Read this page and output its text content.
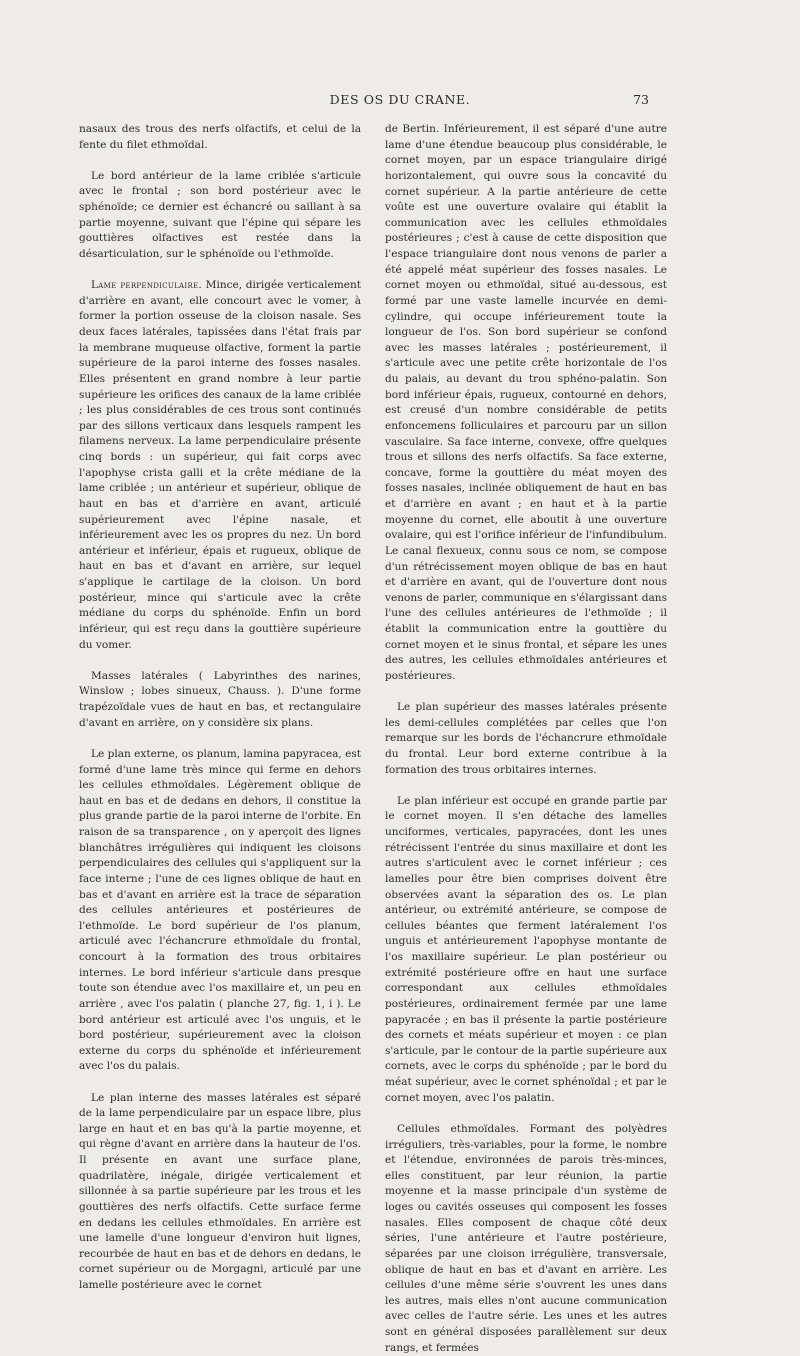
DES OS DU CRANE.	73

nasaux des trous des nerfs olfactifs, et celui de la fente du filet ethmoïdal.

Le bord antérieur de la lame criblée s'articule avec le frontal ; son bord postérieur avec le sphénoïde; ce dernier est échancré ou saillant à sa partie moyenne, suivant que l'épine qui sépare les gouttières olfactives est restée dans la désarticulation, sur le sphénoïde ou l'ethmoïde.

Lame perpendiculaire. Mince, dirigée verticalement d'arrière en avant, elle concourt avec le vomer, à former la portion osseuse de la cloison nasale. Ses deux faces latérales, tapissées dans l'état frais par la membrane muqueuse olfactive, forment la partie supérieure de la paroi interne des fosses nasales. Elles présentent en grand nombre à leur partie supérieure les orifices des canaux de la lame criblée ; les plus considérables de ces trous sont continués par des sillons verticaux dans lesquels rampent les filamens nerveux. La lame perpendiculaire présente cinq bords : un supérieur, qui fait corps avec l'apophyse crista galli et la crête médiane de la lame criblée ; un antérieur et supérieur, oblique de haut en bas et d'arrière en avant, articulé supérieurement avec l'épine nasale, et inférieurement avec les os propres du nez. Un bord antérieur et inférieur, épais et rugueux, oblique de haut en bas et d'avant en arrière, sur lequel s'applique le cartilage de la cloison. Un bord postérieur, mince qui s'articule avec la crête médiane du corps du sphénoïde. Enfin un bord inférieur, qui est reçu dans la gouttière supérieure du vomer.

Masses latérales ( Labyrinthes des narines, Winslow ; lobes sinueux, Chauss. ). D'une forme trapézoïdale vues de haut en bas, et rectangulaire d'avant en arrière, on y considère six plans.

Le plan externe, os planum, lamina papyracea, est formé d'une lame très mince qui ferme en dehors les cellules ethmoïdales. Légèrement oblique de haut en bas et de dedans en dehors, il constitue la plus grande partie de la paroi interne de l'orbite. En raison de sa transparence , on y aperçoit des lignes blanchâtres irrégulières qui indiquent les cloisons perpendiculaires des cellules qui s'appliquent sur la face interne ; l'une de ces lignes oblique de haut en bas et d'avant en arrière est la trace de séparation des cellules antérieures et postérieures de l'ethmoïde. Le bord supérieur de l'os planum, articulé avec l'échancrure ethmoïdale du frontal, concourt à la formation des trous orbitaires internes. Le bord inférieur s'articule dans presque toute son étendue avec l'os maxillaire et, un peu en arrière , avec l'os palatin ( planche 27, fig. 1, i ). Le bord antérieur est articulé avec l'os unguis, et le bord postérieur, supérieurement avec la cloison externe du corps du sphénoïde et inférieurement avec l'os du palais.

Le plan interne des masses latérales est séparé de la lame perpendiculaire par un espace libre, plus large en haut et en bas qu'à la partie moyenne, et qui règne d'avant en arrière dans la hauteur de l'os. Il présente en avant une surface plane, quadrilatère, inégale, dirigée verticalement et sillonnée à sa partie supérieure par les trous et les gouttières des nerfs olfactifs. Cette surface ferme en dedans les cellules ethmoïdales. En arrière est une lamelle d'une longueur d'environ huit lignes, recourbée de haut en bas et de dehors en dedans, le cornet supérieur ou de Morgagni, articulé par une lamelle postérieure avec le cornet

de Bertin. Inférieurement, il est séparé d'une autre lame d'une étendue beaucoup plus considérable, le cornet moyen, par un espace triangulaire dirigé horizontalement, qui ouvre sous la concavité du cornet supérieur. A la partie antérieure de cette voûte est une ouverture ovalaire qui établit la communication avec les cellules ethmoïdales postérieures ; c'est à cause de cette disposition que l'espace triangulaire dont nous venons de parler a été appelé méat supérieur des fosses nasales. Le cornet moyen ou ethmoïdal, situé au-dessous, est formé par une vaste lamelle incurvée en demi-cylindre, qui occupe inférieurement toute la longueur de l'os. Son bord supérieur se confond avec les masses latérales ; postérieurement, il s'articule avec une petite crête horizontale de l'os du palais, au devant du trou sphéno-palatin. Son bord inférieur épais, rugueux, contourné en dehors, est creusé d'un nombre considérable de petits enfoncemens folliculaires et parcouru par un sillon vasculaire. Sa face interne, convexe, offre quelques trous et sillons des nerfs olfactifs. Sa face externe, concave, forme la gouttière du méat moyen des fosses nasales, inclinée obliquement de haut en bas et d'arrière en avant ; en haut et à la partie moyenne du cornet, elle aboutit à une ouverture ovalaire, qui est l'orifice inférieur de l'infundibulum. Le canal flexueux, connu sous ce nom, se compose d'un rétrécissement moyen oblique de bas en haut et d'arrière en avant, qui de l'ouverture dont nous venons de parler, communique en s'élargissant dans l'une des cellules antérieures de l'ethmoïde ; il établit la communication entre la gouttière du cornet moyen et le sinus frontal, et sépare les unes des autres, les cellules ethmoïdales antérieures et postérieures.

Le plan supérieur des masses latérales présente les demi-cellules complétées par celles que l'on remarque sur les bords de l'échancrure ethmoïdale du frontal. Leur bord externe contribue à la formation des trous orbitaires internes.

Le plan inférieur est occupé en grande partie par le cornet moyen. Il s'en détache des lamelles unciformes, verticales, papyracées, dont les unes rétrécissent l'entrée du sinus maxillaire et dont les autres s'articulent avec le cornet inférieur ; ces lamelles pour être bien comprises doivent être observées avant la séparation des os. Le plan antérieur, ou extrémité antérieure, se compose de cellules béantes que ferment latéralement l'os unguis et antérieurement l'apophyse montante de l'os maxillaire supérieur. Le plan postérieur ou extrémité postérieure offre en haut une surface correspondant aux cellules ethmoïdales postérieures, ordinairement fermée par une lame papyracée ; en bas il présente la partie postérieure des cornets et méats supérieur et moyen : ce plan s'articule, par le contour de la partie supérieure aux cornets, avec le corps du sphénoïde ; par le bord du méat supérieur, avec le cornet sphénoïdal ; et par le cornet moyen, avec l'os palatin.

Cellules ethmoïdales. Formant des polyèdres irréguliers, très-variables, pour la forme, le nombre et l'étendue, environnées de parois très-minces, elles constituent, par leur réunion, la partie moyenne et la masse principale d'un système de loges ou cavités osseuses qui composent les fosses nasales. Elles composent de chaque côté deux séries, l'une antérieure et l'autre postérieure, séparées par une cloison irrégulière, transversale, oblique de haut en bas et d'avant en arrière. Les cellules d'une même série s'ouvrent les unes dans les autres, mais elles n'ont aucune communication avec celles de l'autre série. Les unes et les autres sont en général disposées parallèlement sur deux rangs, et fermées
